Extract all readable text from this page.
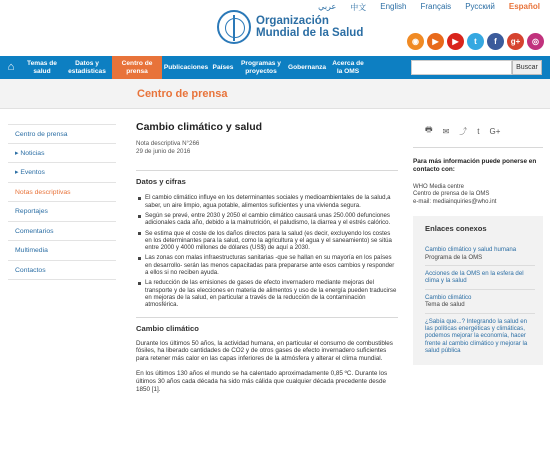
Organización
Mundial de la Salud
عربي 中文 English Français Русский Español
◉	▶	▶	t	f	g+	◎
⌂	Temas de salud
Datos y estadísticas
Centro de prensa
Publicaciones Países
Programas y proyectos
Gobernanza
Acerca de la OMS	Buscar
Centro de prensa
Centro de prensa
▸ Noticias
▸ Eventos
Notas descriptivas
Reportajes
Comentarios
Multimedia
Contactos
Cambio climático y salud
Nota descriptiva N°266
29 de junio de 2016
Datos y cifras
El cambio climático influye en los determinantes sociales y medioambientales de la salud,a saber, un aire limpio, agua potable, alimentos suficientes y una vivienda segura.
Según se prevé, entre 2030 y 2050 el cambio climático causará unas 250.000 defunciones adicionales cada año, debido a la malnutrición, el paludismo, la diarrea y el estrés calórico.
Se estima que el coste de los daños directos para la salud (es decir, excluyendo los costes en los determinantes para la salud, como la agricultura y el agua y el saneamiento) se sitúa entre 2000 y 4000 millones de dólares (US$) de aquí a 2030.
Las zonas con malas infraestructuras sanitarias -que se hallan en su mayoría en los países en desarrollo- serán las menos capacitadas para prepararse ante esos cambios y responder a ellos si no reciben ayuda.
La reducción de las emisiones de gases de efecto invernadero mediante mejoras del transporte y de las elecciones en materia de alimentos y uso de la energía pueden traducirse en mejoras de la salud, en particular a través de la reducción de la contaminación atmosférica.
Cambio climático
Durante los últimos 50 años, la actividad humana, en particular el consumo de combustibles fósiles, ha liberado cantidades de CO2 y de otros gases de efecto invernadero suficientes para retener más calor en las capas inferiores de la atmósfera y alterar el clima mundial.
En los últimos 130 años el mundo se ha calentado aproximadamente 0,85 ºC. Durante los últimos 30 años cada década ha sido más cálida que cualquier década precedente desde 1850 [1].
🖶 ✉ ⤴ t G+
Para más información puede ponerse en contacto con:
WHO Media centre
Centro de prensa de la OMS
e-mail: mediainquiries@who.int
Enlaces conexos
Cambio climático y salud humana
Programa de la OMS
Acciones de la OMS en la esfera del clima y la salud
Cambio climático
Tema de salud
¿Sabía que...? Integrando la salud en las políticas energéticas y climáticas, podemos mejorar la economía, hacer frente al cambio climático y mejorar la salud pública
